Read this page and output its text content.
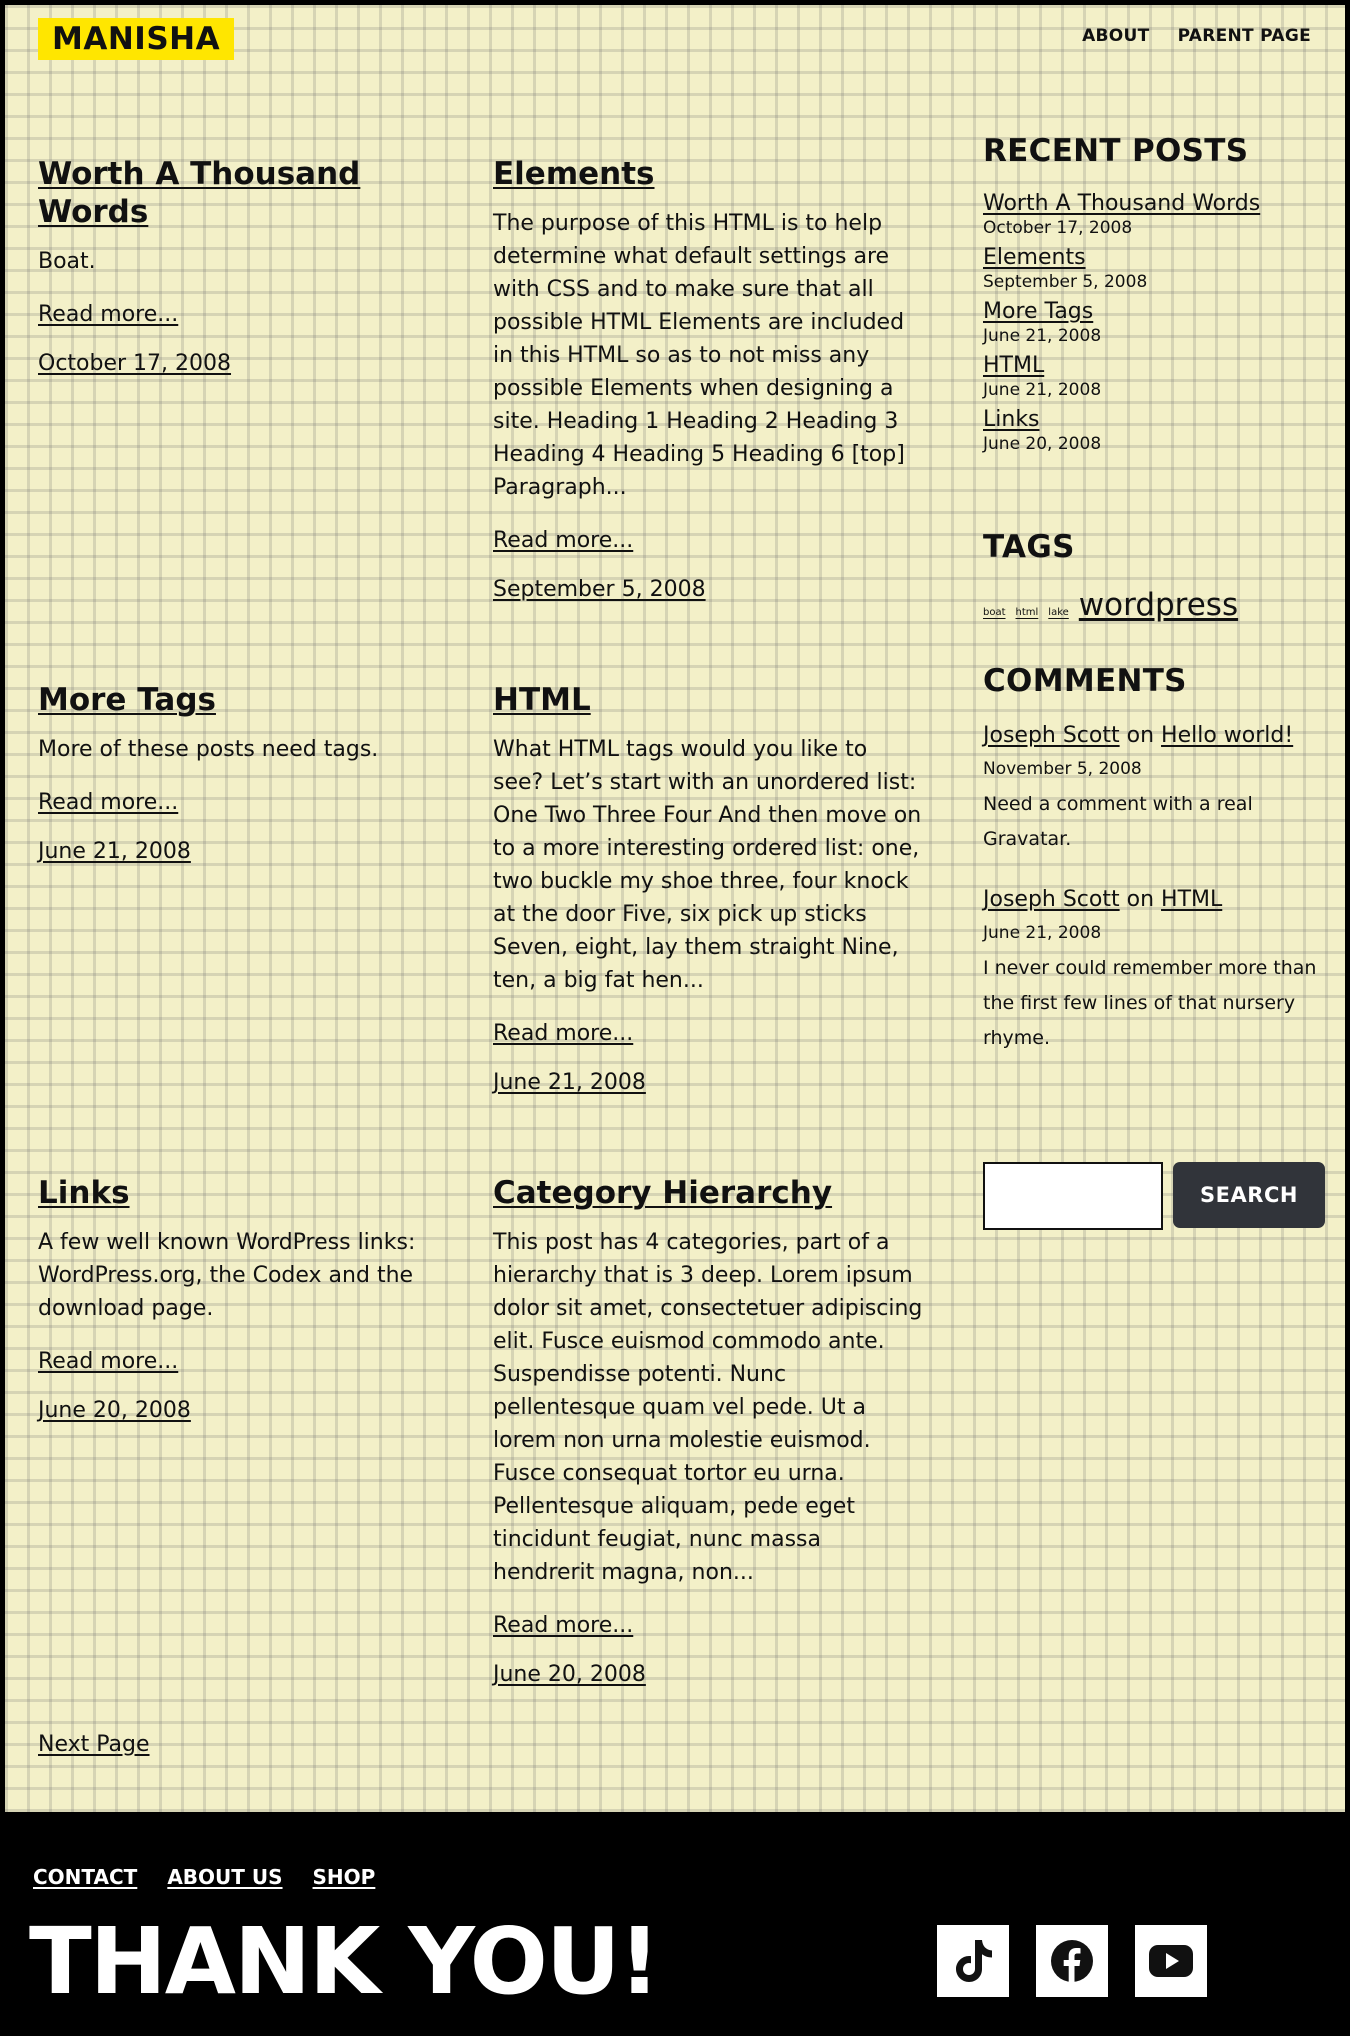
MANISHA	ABOUT PARENT PAGE
Worth A Thousand Words

Boat.

Read more...
October 17, 2008
Elements

The purpose of this HTML is to help determine what default settings are with CSS and to make sure that all possible HTML Elements are included in this HTML so as to not miss any possible Elements when designing a site. Heading 1 Heading 2 Heading 3 Heading 4 Heading 5 Heading 6 [top] Paragraph...

Read more...
September 5, 2008
More Tags

More of these posts need tags.

Read more...
June 21, 2008
HTML

What HTML tags would you like to see? Let’s start with an unordered list: One Two Three Four And then move on to a more interesting ordered list: one, two buckle my shoe three, four knock at the door Five, six pick up sticks Seven, eight, lay them straight Nine, ten, a big fat hen...

Read more...
June 21, 2008
Links

A few well known WordPress links: WordPress.org, the Codex and the download page.

Read more...
June 20, 2008
Category Hierarchy

This post has 4 categories, part of a hierarchy that is 3 deep. Lorem ipsum dolor sit amet, consectetuer adipiscing elit. Fusce euismod commodo ante. Suspendisse potenti. Nunc pellentesque quam vel pede. Ut a lorem non urna molestie euismod. Fusce consequat tortor eu urna. Pellentesque aliquam, pede eget tincidunt feugiat, nunc massa hendrerit magna, non...

Read more...
June 20, 2008
Next Page
RECENT POSTS
Worth A Thousand Words
October 17, 2008
Elements
September 5, 2008
More Tags
June 21, 2008
HTML
June 21, 2008
Links
June 20, 2008
TAGS
boat html lake wordpress
COMMENTS
Joseph Scott on Hello world!
November 5, 2008
Need a comment with a real Gravatar.
Joseph Scott on HTML
June 21, 2008
I never could remember more than the first few lines of that nursery rhyme.
SEARCH
CONTACT ABOUT US SHOP
THANK YOU!
